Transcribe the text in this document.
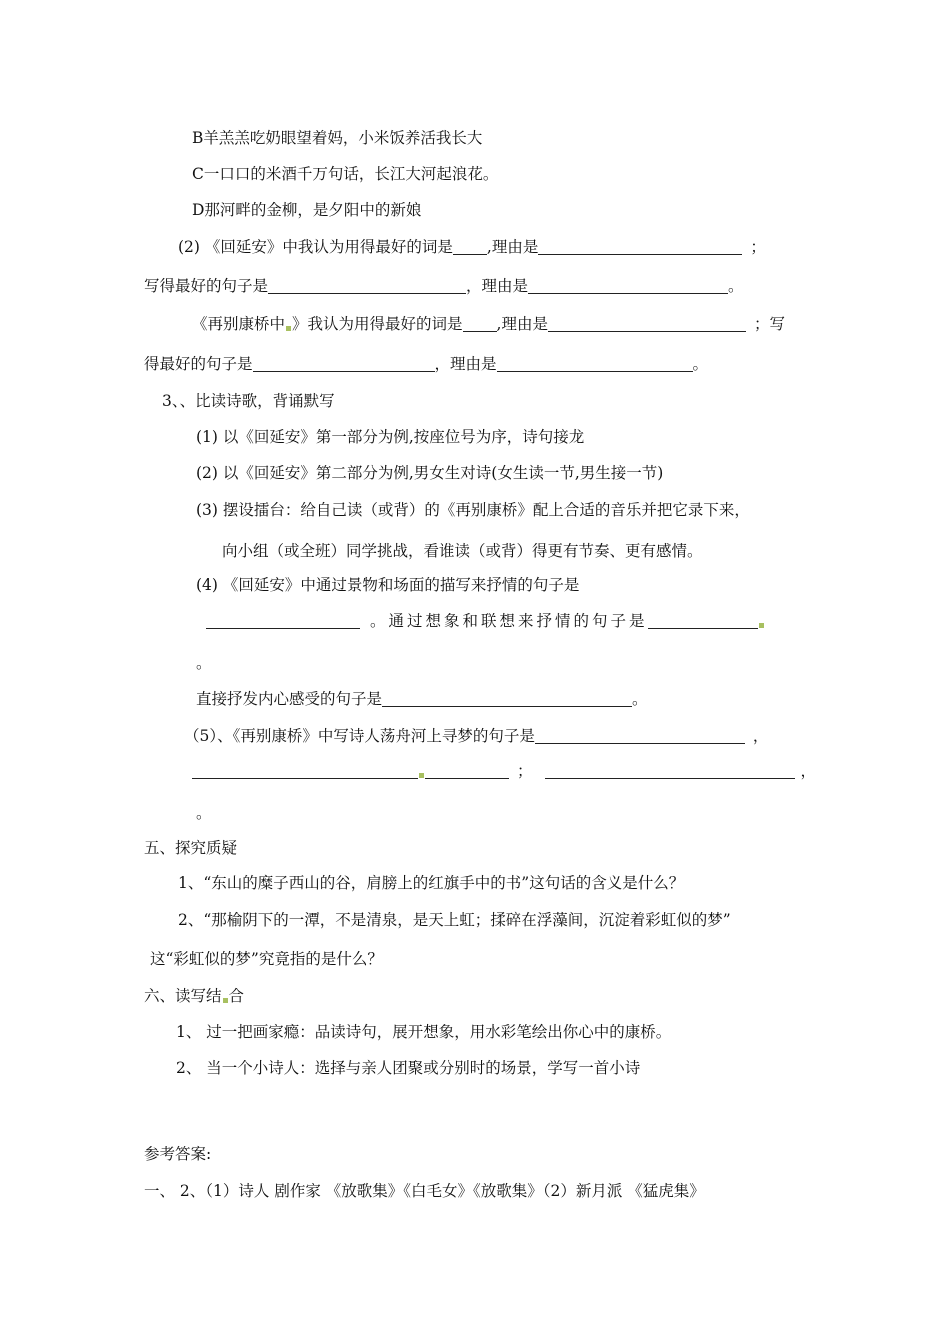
B羊羔羔吃奶眼望着妈，小米饭养活我长大
C一口口的米酒千万句话，长江大河起浪花。
D那河畔的金柳，是夕阳中的新娘
(2) 《回延安》中我认为用得最好的词是 ,理由是	；
写得最好的句子是	，理由是	。
《再别康桥中 》我认为用得最好的词是 ,理由是	；写
得最好的句子是	，理由是	。
3、、比读诗歌，背诵默写
(1) 以《回延安》第一部分为例,按座位号为序，诗句接龙
(2) 以《回延安》第二部分为例,男女生对诗(女生读一节,男生接一节)
(3) 摆设擂台：给自己读（或背）的《再别康桥》配上合适的音乐并把它录下来，
向小组（或全班）同学挑战，看谁读（或背）得更有节奏、更有感情。
(4) 《回延安》中通过景物和场面的描写来抒情的句子是
。通过想象和联想来抒情的句子是
。
直接抒发内心感受的句子是	。
（5）、《再别康桥》中写诗人荡舟河上寻梦的句子是	，
；	，
。
五、探究质疑
1、“东山的糜子西山的谷，肩膀上的红旗手中的书”这句话的含义是什么？
2、“那榆阴下的一潭，不是清泉，是天上虹；揉碎在浮藻间，沉淀着彩虹似的梦”
这“彩虹似的梦”究竟指的是什么？
六、读写结 合
1、 过一把画家瘾：品读诗句，展开想象，用水彩笔绘出你心中的康桥。
2、 当一个小诗人：选择与亲人团聚或分别时的场景，学写一首小诗
参考答案:
一、 2、（1）诗人 剧作家 《放歌集》《白毛女》《放歌集》（2）新月派 《猛虎集》
